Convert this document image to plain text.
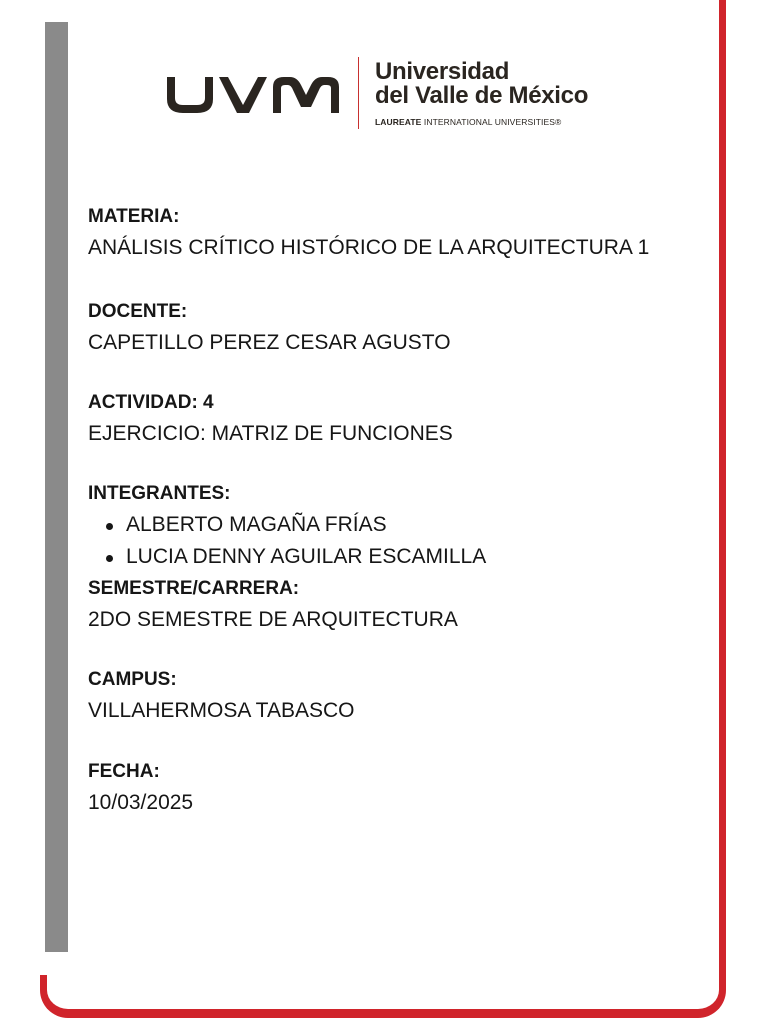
Universidad
del Valle de México
LAUREATE INTERNATIONAL UNIVERSITIES®
MATERIA:
ANÁLISIS CRÍTICO HISTÓRICO DE LA ARQUITECTURA 1
DOCENTE:
CAPETILLO PEREZ CESAR AGUSTO
ACTIVIDAD: 4
EJERCICIO: MATRIZ DE FUNCIONES
INTEGRANTES:
ALBERTO MAGAÑA FRÍAS
LUCIA DENNY AGUILAR ESCAMILLA
SEMESTRE/CARRERA:
2DO SEMESTRE DE ARQUITECTURA
CAMPUS:
VILLAHERMOSA TABASCO
FECHA:
10/03/2025
